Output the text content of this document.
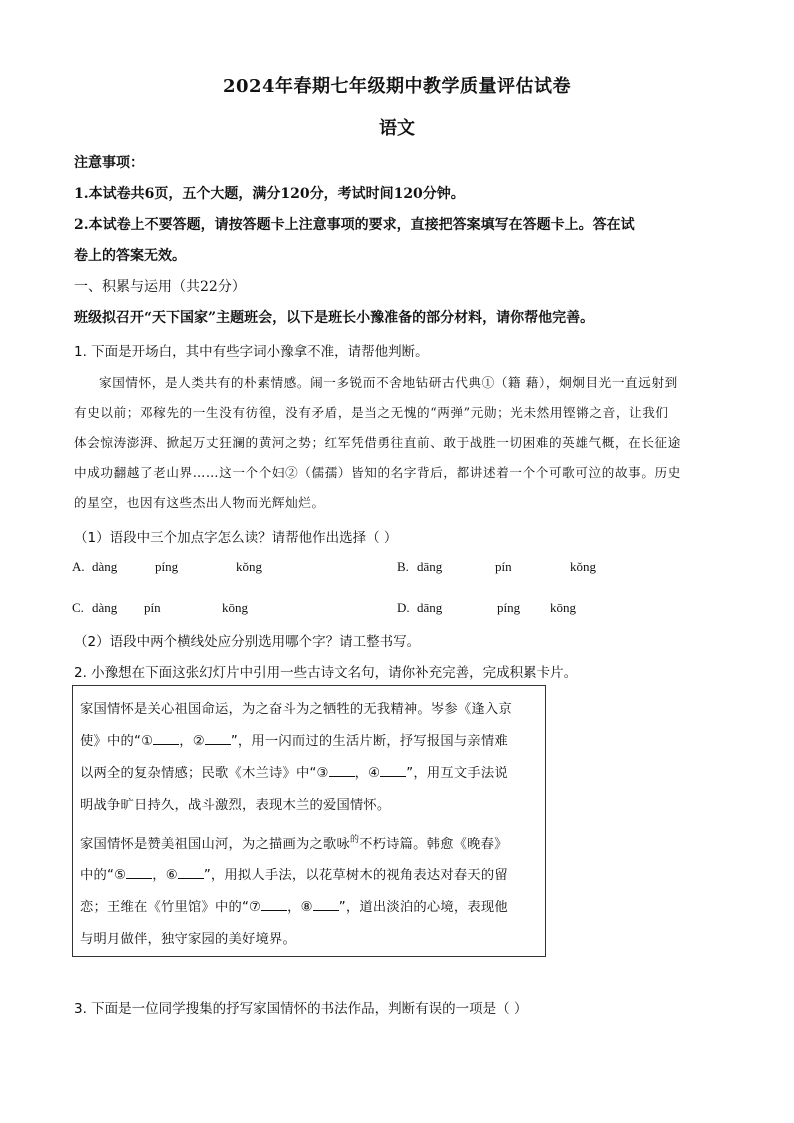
2024年春期七年级期中教学质量评估试卷
语文
注意事项：
1.本试卷共6页，五个大题，满分120分，考试时间120分钟。
2.本试卷上不要答题，请按答题卡上注意事项的要求，直接把答案填写在答题卡上。答在试
卷上的答案无效。
一、积累与运用（共22分）
班级拟召开“天下国家”主题班会，以下是班长小豫准备的部分材料，请你帮他完善。
1. 下面是开场白，其中有些字词小豫拿不准，请帮他判断。
家国情怀，是人类共有的朴素情感。闹一多锐而不舍地钻研古代典①（籍 藉），炯炯目光一直远射到
有史以前；邓稼先的一生没有彷徨，没有矛盾，是当之无愧的“两弹”元勋；光未然用铿锵之音，让我们
体会惊涛澎湃、掀起万丈狂澜的黄河之势；红军凭借勇往直前、敢于战胜一切困难的英雄气概，在长征途
中成功翻越了老山界……这一个个妇②（儒孺）皆知的名字背后，都讲述着一个个可歌可泣的故事。历史
的星空，也因有这些杰出人物而光辉灿烂。
（1）语段中三个加点字怎么读？请帮他作出选择（ ）
A. dàng	píng	kǒng	B. dāng	pín	kǒng
C. dàng pín	kōng	D. dāng	píng kōng
（2）语段中两个横线处应分别选用哪个字？请工整书写。
2. 小豫想在下面这张幻灯片中引用一些古诗文名句，请你补充完善，完成积累卡片。
家国情怀是关心祖国命运，为之奋斗为之牺牲的无我精神。岑参《逢入京
使》中的“① ，② ”，用一闪而过的生活片断，抒写报国与亲情难
以两全的复杂情感；民歌《木兰诗》中“③ ，④ ”，用互文手法说
明战争旷日持久，战斗激烈，表现木兰的爱国情怀。
家国情怀是赞美祖国山河，为之描画为之歌咏$^的$不朽诗篇。韩愈《晚春》
中的“⑤ ，⑥ ”，用拟人手法，以花草树木的视角表达对春天的留
恋；王维在《竹里馆》中的“⑦ ，⑧ ”，道出淡泊的心境，表现他
与明月做伴，独守家园的美好境界。
3. 下面是一位同学搜集的抒写家国情怀的书法作品，判断有误的一项是（ ）
